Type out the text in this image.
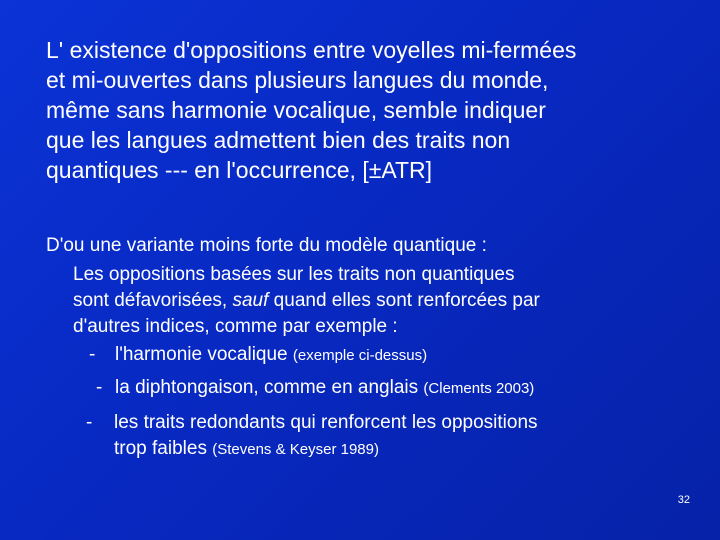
L' existence d'oppositions entre voyelles mi-fermées
et mi-ouvertes dans plusieurs langues du monde,
même sans harmonie vocalique, semble indiquer
que les langues admettent bien des traits non
quantiques --- en l'occurrence, [±ATR]
D'ou une variante moins forte du modèle quantique :
Les oppositions basées sur les traits non quantiques
sont défavorisées, sauf quand elles sont renforcées par
d'autres indices, comme par exemple :
- l'harmonie vocalique (exemple ci-dessus)
- la diphtongaison, comme en anglais (Clements 2003)
- les traits redondants qui renforcent les oppositions
trop faibles (Stevens & Keyser 1989)
32
